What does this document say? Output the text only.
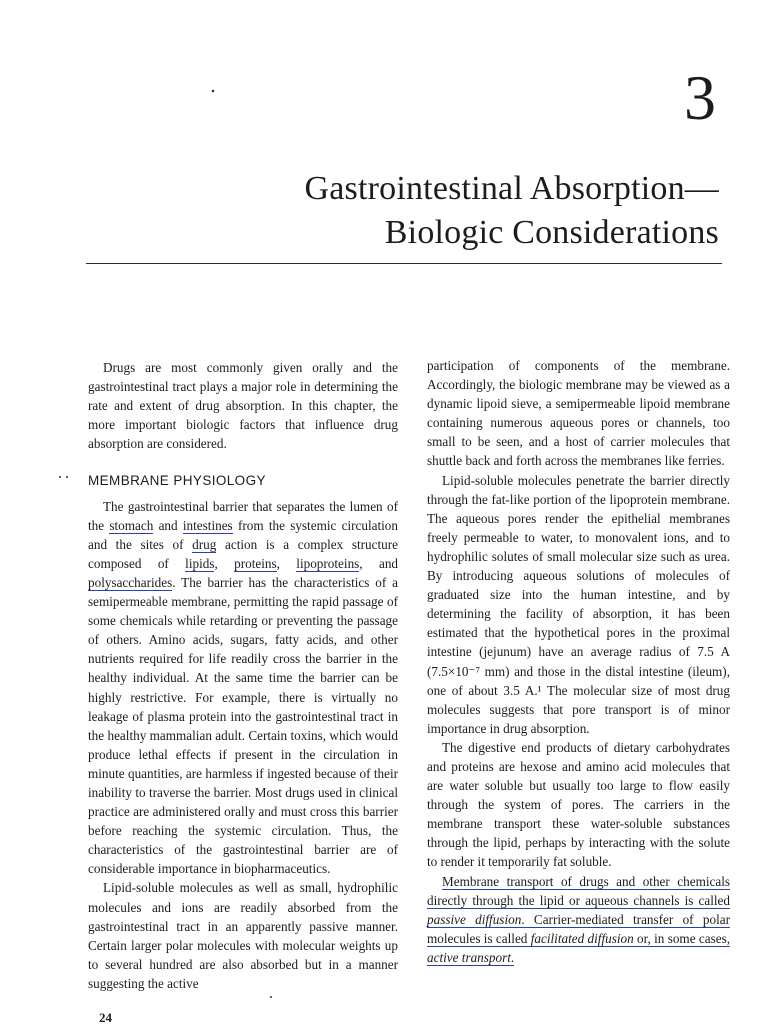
3
Gastrointestinal Absorption—
Biologic Considerations

Drugs are most commonly given orally and the gastrointestinal tract plays a major role in determining the rate and extent of drug absorption. In this chapter, the more important biologic factors that influence drug absorption are considered.

MEMBRANE PHYSIOLOGY

The gastrointestinal barrier that separates the lumen of the stomach and intestines from the systemic circulation and the sites of drug action is a complex structure composed of lipids, proteins, lipoproteins, and polysaccharides. The barrier has the characteristics of a semipermeable membrane, permitting the rapid passage of some chemicals while retarding or preventing the passage of others. Amino acids, sugars, fatty acids, and other nutrients required for life readily cross the barrier in the healthy individual. At the same time the barrier can be highly restrictive. For example, there is virtually no leakage of plasma protein into the gastrointestinal tract in the healthy mammalian adult. Certain toxins, which would produce lethal effects if present in the circulation in minute quantities, are harmless if ingested because of their inability to traverse the barrier. Most drugs used in clinical practice are administered orally and must cross this barrier before reaching the systemic circulation. Thus, the characteristics of the gastrointestinal barrier are of considerable importance in biopharmaceutics.

Lipid-soluble molecules as well as small, hydrophilic molecules and ions are readily absorbed from the gastrointestinal tract in an apparently passive manner. Certain larger polar molecules with molecular weights up to several hundred are also absorbed but in a manner suggesting the active

participation of components of the membrane. Accordingly, the biologic membrane may be viewed as a dynamic lipoid sieve, a semipermeable lipoid membrane containing numerous aqueous pores or channels, too small to be seen, and a host of carrier molecules that shuttle back and forth across the membranes like ferries.

Lipid-soluble molecules penetrate the barrier directly through the fat-like portion of the lipoprotein membrane. The aqueous pores render the epithelial membranes freely permeable to water, to monovalent ions, and to hydrophilic solutes of small molecular size such as urea. By introducing aqueous solutions of molecules of graduated size into the human intestine, and by determining the facility of absorption, it has been estimated that the hypothetical pores in the proximal intestine (jejunum) have an average radius of 7.5 A (7.5×10⁻⁷ mm) and those in the distal intestine (ileum), one of about 3.5 A.¹ The molecular size of most drug molecules suggests that pore transport is of minor importance in drug absorption.

The digestive end products of dietary carbohydrates and proteins are hexose and amino acid molecules that are water soluble but usually too large to flow easily through the system of pores. The carriers in the membrane transport these water-soluble substances through the lipid, perhaps by interacting with the solute to render it temporarily fat soluble.

Membrane transport of drugs and other chemicals directly through the lipid or aqueous channels is called passive diffusion. Carrier-mediated transfer of polar molecules is called facilitated diffusion or, in some cases, active transport.

24
